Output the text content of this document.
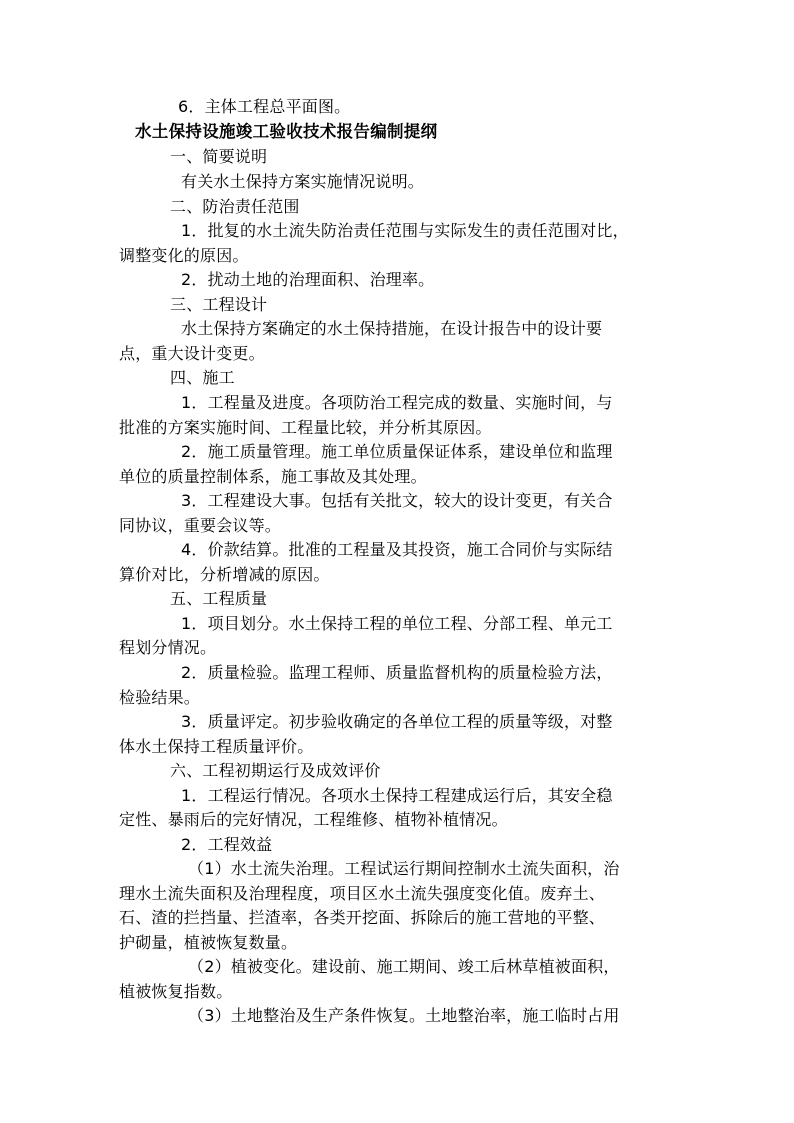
6．主体工程总平面图。
水土保持设施竣工验收技术报告编制提纲
一、简要说明
有关水土保持方案实施情况说明。
二、防治责任范围
1．批复的水土流失防治责任范围与实际发生的责任范围对比，
调整变化的原因。
2．扰动土地的治理面积、治理率。
三、工程设计
水土保持方案确定的水土保持措施，在设计报告中的设计要
点，重大设计变更。
四、施工
1．工程量及进度。各项防治工程完成的数量、实施时间，与
批准的方案实施时间、工程量比较，并分析其原因。
2．施工质量管理。施工单位质量保证体系，建设单位和监理
单位的质量控制体系，施工事故及其处理。
3．工程建设大事。包括有关批文，较大的设计变更，有关合
同协议，重要会议等。
4．价款结算。批准的工程量及其投资，施工合同价与实际结
算价对比，分析增减的原因。
五、工程质量
1．项目划分。水土保持工程的单位工程、分部工程、单元工
程划分情况。
2．质量检验。监理工程师、质量监督机构的质量检验方法，
检验结果。
3．质量评定。初步验收确定的各单位工程的质量等级，对整
体水土保持工程质量评价。
六、工程初期运行及成效评价
1．工程运行情况。各项水土保持工程建成运行后，其安全稳
定性、暴雨后的完好情况，工程维修、植物补植情况。
2．工程效益
（1）水土流失治理。工程试运行期间控制水土流失面积，治
理水土流失面积及治理程度，项目区水土流失强度变化值。废弃土、
石、渣的拦挡量、拦渣率，各类开挖面、拆除后的施工营地的平整、
护砌量，植被恢复数量。
（2）植被变化。建设前、施工期间、竣工后林草植被面积，
植被恢复指数。
（3）土地整治及生产条件恢复。土地整治率，施工临时占用
